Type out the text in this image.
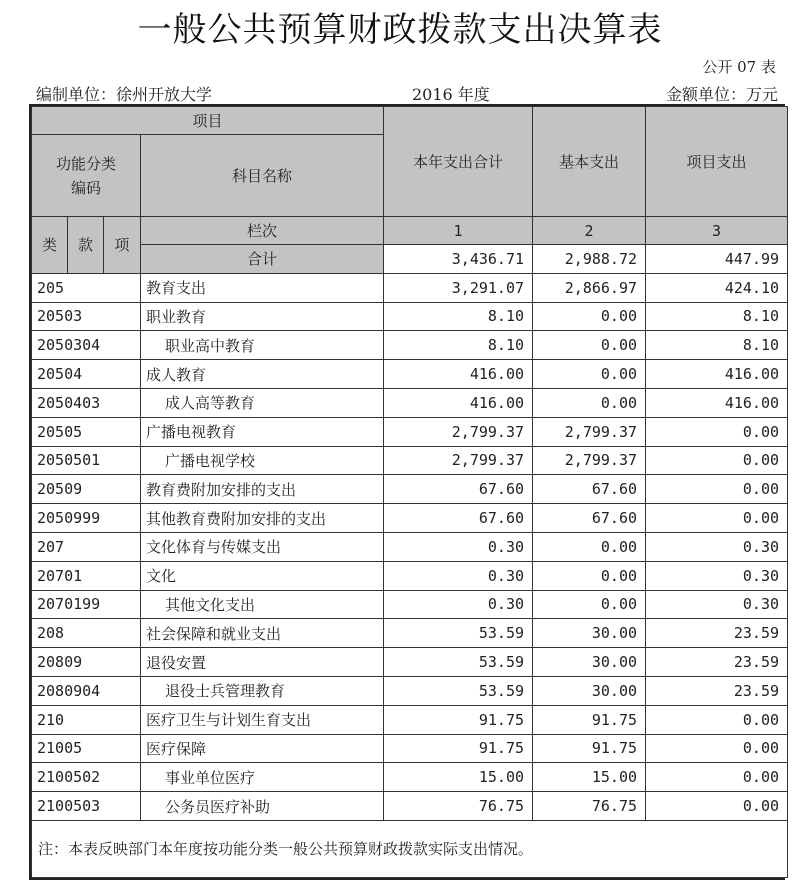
一般公共预算财政拨款支出决算表
公开 07 表
编制单位：徐州开放大学	2016 年度	金额单位：万元
项目				本年支出合计	基本支出	项目支出
功能分类编码			科目名称			
类	款	项	栏次	1	2	3
			合计	3,436.71	2,988.72	447.99
205			教育支出	3,291.07	2,866.97	424.10
20503			职业教育	8.10	0.00	8.10
2050304			职业高中教育	8.10	0.00	8.10
20504			成人教育	416.00	0.00	416.00
2050403			成人高等教育	416.00	0.00	416.00
20505			广播电视教育	2,799.37	2,799.37	0.00
2050501			广播电视学校	2,799.37	2,799.37	0.00
20509			教育费附加安排的支出	67.60	67.60	0.00
2050999			其他教育费附加安排的支出	67.60	67.60	0.00
207			文化体育与传媒支出	0.30	0.00	0.30
20701			文化	0.30	0.00	0.30
2070199			其他文化支出	0.30	0.00	0.30
208			社会保障和就业支出	53.59	30.00	23.59
20809			退役安置	53.59	30.00	23.59
2080904			退役士兵管理教育	53.59	30.00	23.59
210			医疗卫生与计划生育支出	91.75	91.75	0.00
21005			医疗保障	91.75	91.75	0.00
2100502			事业单位医疗	15.00	15.00	0.00
2100503			公务员医疗补助	76.75	76.75	0.00
注：本表反映部门本年度按功能分类一般公共预算财政拨款实际支出情况。						
